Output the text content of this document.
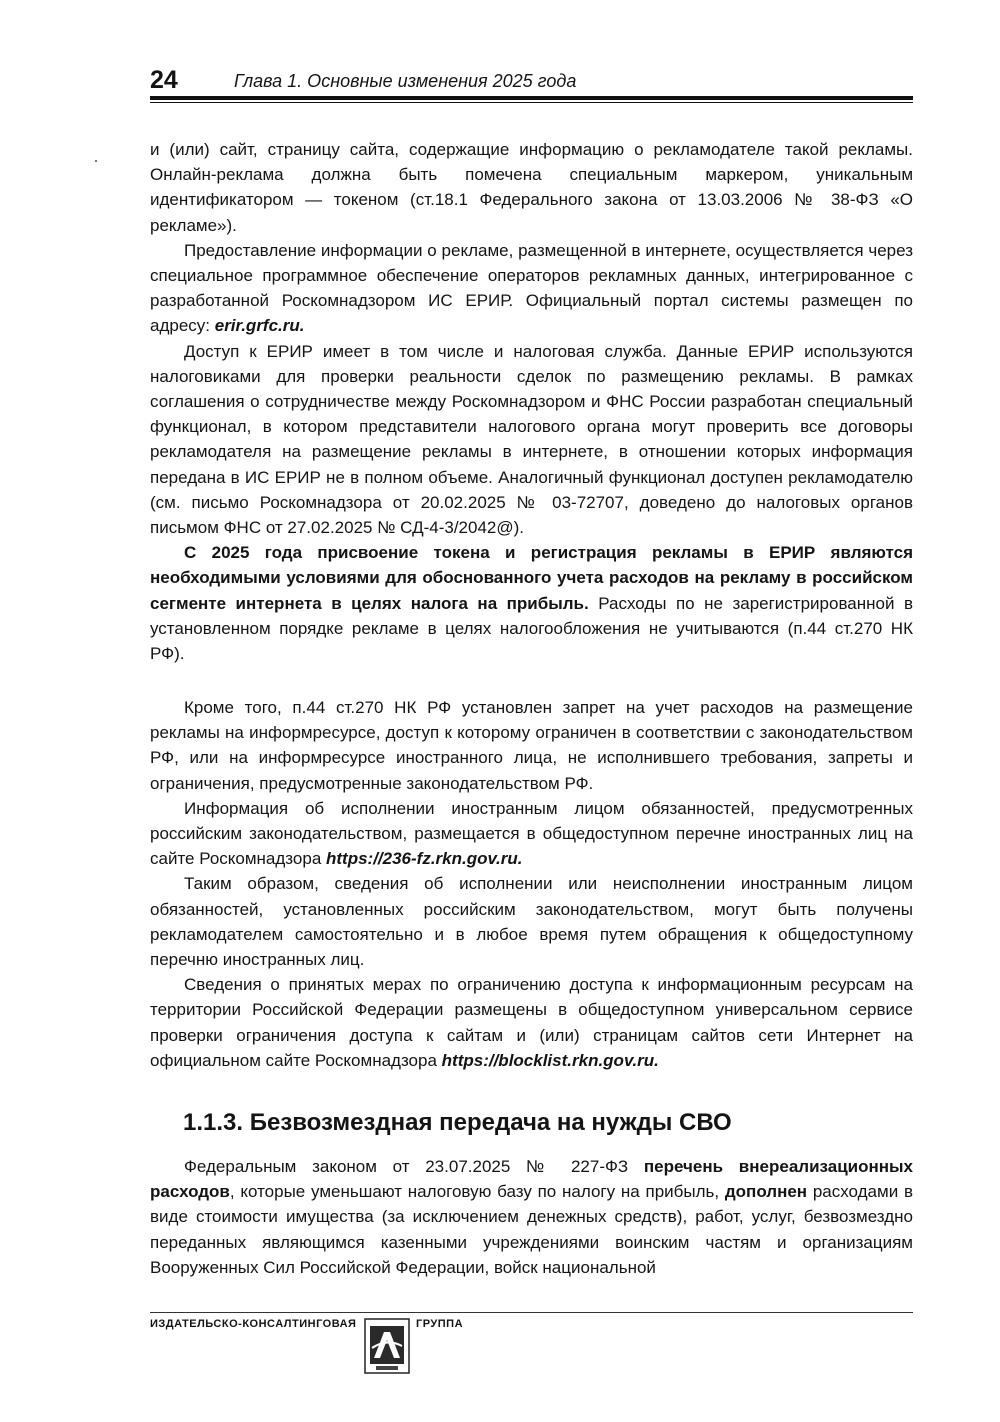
24	Глава 1. Основные изменения 2025 года

и (или) сайт, страницу сайта, содержащие информацию о рекламодателе такой рекламы. Онлайн-реклама должна быть помечена специальным маркером, уникальным идентификатором — токеном (ст.18.1 Федерального закона от 13.03.2006 № 38-ФЗ «О рекламе»).

Предоставление информации о рекламе, размещенной в интернете, осуществляется через специальное программное обеспечение операторов рекламных данных, интегрированное с разработанной Роскомнадзором ИС ЕРИР. Официальный портал системы размещен по адресу: erir.grfc.ru.

Доступ к ЕРИР имеет в том числе и налоговая служба. Данные ЕРИР используются налоговиками для проверки реальности сделок по размещению рекламы. В рамках соглашения о сотрудничестве между Роскомнадзором и ФНС России разработан специальный функционал, в котором представители налогового органа могут проверить все договоры рекламодателя на размещение рекламы в интернете, в отношении которых информация передана в ИС ЕРИР не в полном объеме. Аналогичный функционал доступен рекламодателю (см. письмо Роскомнадзора от 20.02.2025 № 03-72707, доведено до налоговых органов письмом ФНС от 27.02.2025 № СД-4-3/2042@).

С 2025 года присвоение токена и регистрация рекламы в ЕРИР являются необходимыми условиями для обоснованного учета расходов на рекламу в российском сегменте интернета в целях налога на прибыль. Расходы по не зарегистрированной в установленном порядке рекламе в целях налогообложения не учитываются (п.44 ст.270 НК РФ).

Кроме того, п.44 ст.270 НК РФ установлен запрет на учет расходов на размещение рекламы на информресурсе, доступ к которому ограничен в соответствии с законодательством РФ, или на информресурсе иностранного лица, не исполнившего требования, запреты и ограничения, предусмотренные законодательством РФ.

Информация об исполнении иностранным лицом обязанностей, предусмотренных российским законодательством, размещается в общедоступном перечне иностранных лиц на сайте Роскомнадзора https://236-fz.rkn.gov.ru.

Таким образом, сведения об исполнении или неисполнении иностранным лицом обязанностей, установленных российским законодательством, могут быть получены рекламодателем самостоятельно и в любое время путем обращения к общедоступному перечню иностранных лиц.

Сведения о принятых мерах по ограничению доступа к информационным ресурсам на территории Российской Федерации размещены в общедоступном универсальном сервисе проверки ограничения доступа к сайтам и (или) страницам сайтов сети Интернет на официальном сайте Роскомнадзора https://blocklist.rkn.gov.ru.

1.1.3. Безвозмездная передача на нужды СВО

Федеральным законом от 23.07.2025 № 227-ФЗ перечень внереализационных расходов, которые уменьшают налоговую базу по налогу на прибыль, дополнен расходами в виде стоимости имущества (за исключением денежных средств), работ, услуг, безвозмездно переданных являющимся казенными учреждениями воинским частям и организациям Вооруженных Сил Российской Федерации, войск национальной

ИЗДАТЕЛЬСКО-КОНСАЛТИНГОВАЯ	ГРУППА
